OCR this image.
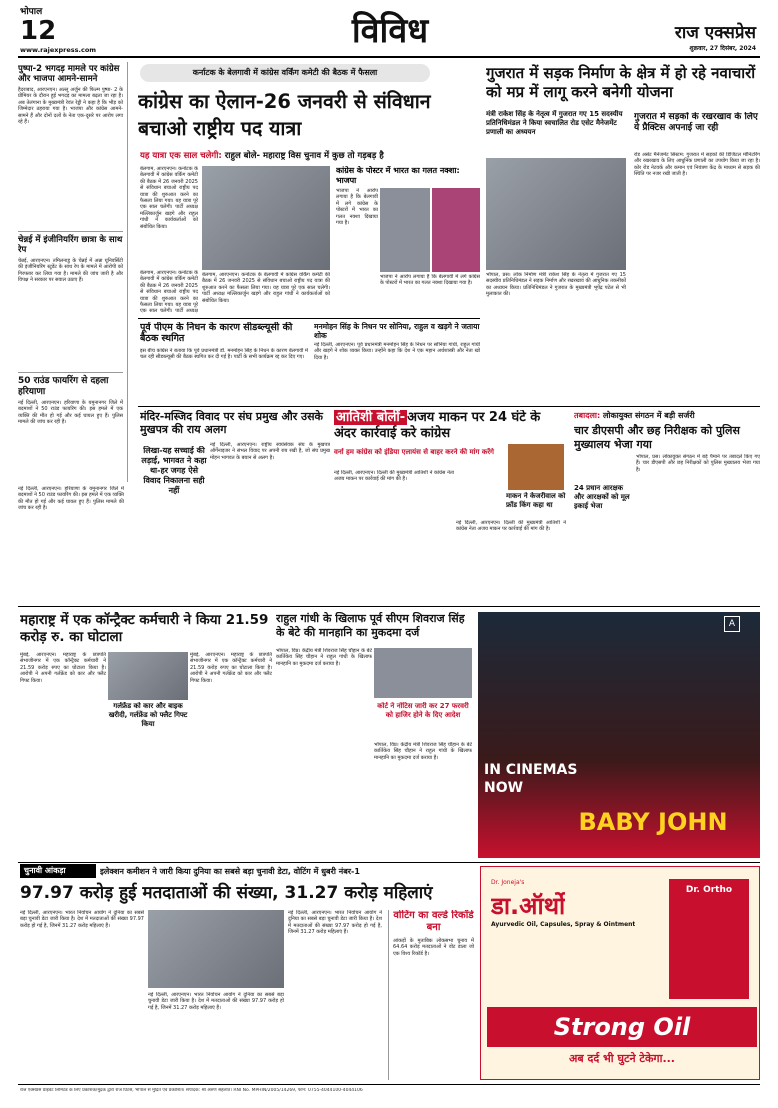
भोपाल
12
www.rajexpress.com	विविध	राज एक्सप्रेस
शुक्रवार, 27 दिसंबर, 2024
पुष्पा-2 भगदड़ मामले पर कांग्रेस और भाजपा आमने-सामने
हैदराबाद, आरएनएन। अल्लू अर्जुन की फिल्म पुष्पा- 2 के प्रीमियर के दौरान हुई भगदड़ का मामला बढ़ता जा रहा है। अब तेलंगाना के मुख्यमंत्री रेवंत रेड्डी ने कहा है कि भीड़ को जिम्मेदार ठहराया गया है। भाजपा और कांग्रेस आमने-सामने हैं और दोनों दलों के नेता एक-दूसरे पर आरोप लगा रहे हैं।
चेन्नई में इंजीनियरिंग छात्रा के साथ रेप
चेन्नई, आरएनएन। तमिलनाडु के चेन्नई में अन्ना यूनिवर्सिटी की इंजीनियरिंग स्टूडेंट के साथ रेप के मामले में आरोपी को गिरफ्तार कर लिया गया है। मामले की जांच जारी है और विपक्ष ने सरकार पर सवाल उठाए हैं।
50 राउंड फायरिंग से दहला हरियाणा
नई दिल्ली, आरएनएन। हरियाणा के यमुनानगर जिले में बदमाशों ने 50 राउंड फायरिंग की। इस हमले में एक व्यक्ति की मौत हो गई और कई घायल हुए हैं। पुलिस मामले की जांच कर रही है।
नई दिल्ली, आरएनएन। हरियाणा के यमुनानगर जिले में बदमाशों ने 50 राउंड फायरिंग की। इस हमले में एक व्यक्ति की मौत हो गई और कई घायल हुए हैं। पुलिस मामले की जांच कर रही है।
कर्नाटक के बेलगावी में कांग्रेस वर्किंग कमेटी की बैठक में फैसला
कांग्रेस का ऐलान-26 जनवरी से संविधान बचाओ राष्ट्रीय पद यात्रा
यह यात्रा एक साल चलेगी: राहुल बोले- महाराष्ट्र विस चुनाव में कुछ तो गड़बड़ है
बेलगाम, आरएनएन। कर्नाटक के बेलगावी में कांग्रेस वर्किंग कमेटी की बैठक में 26 जनवरी 2025 से संविधान बचाओ राष्ट्रीय पद यात्रा की शुरुआत करने का फैसला लिया गया। यह यात्रा पूरे एक साल चलेगी। पार्टी अध्यक्ष मल्लिकार्जुन खड़गे और राहुल गांधी ने कार्यकर्ताओं को संबोधित किया।
बेलगाम, आरएनएन। कर्नाटक के बेलगावी में कांग्रेस वर्किंग कमेटी की बैठक में 26 जनवरी 2025 से संविधान बचाओ राष्ट्रीय पद यात्रा की शुरुआत करने का फैसला लिया गया। यह यात्रा पूरे एक साल चलेगी। पार्टी अध्यक्ष
बेलगाम, आरएनएन। कर्नाटक के बेलगावी में कांग्रेस वर्किंग कमेटी की बैठक में 26 जनवरी 2025 से संविधान बचाओ राष्ट्रीय पद यात्रा की शुरुआत करने का फैसला लिया गया। यह यात्रा पूरे एक साल चलेगी। पार्टी अध्यक्ष मल्लिकार्जुन खड़गे और राहुल गांधी ने कार्यकर्ताओं को संबोधित किया।
कांग्रेस के पोस्टर में भारत का गलत नक्शा: भाजपा
भाजपा ने आरोप लगाया है कि बेलगावी में लगे कांग्रेस के पोस्टरों में भारत का गलत नक्शा दिखाया गया है।
भाजपा ने आरोप लगाया है कि बेलगावी में लगे कांग्रेस के पोस्टरों में भारत का गलत नक्शा दिखाया गया है।
पूर्व पीएम के निधन के कारण सीडब्ल्यूसी की बैठक स्थगित
इस बीच कांग्रेस ने बताया कि पूर्व प्रधानमंत्री डॉ. मनमोहन सिंह के निधन के कारण बेलगावी में चल रही सीडब्ल्यूसी की बैठक स्थगित कर दी गई है। पार्टी के सभी कार्यक्रम रद्द कर दिए गए।
मनमोहन सिंह के निधन पर सोनिया, राहुल व खड़गे ने जताया शोक
नई दिल्ली, आरएनएन। पूर्व प्रधानमंत्री मनमोहन सिंह के निधन पर सोनिया गांधी, राहुल गांधी और खड़गे ने शोक व्यक्त किया। उन्होंने कहा कि देश ने एक महान अर्थशास्त्री और नेता खो दिया है।
गुजरात में सड़क निर्माण के क्षेत्र में हो रहे नवाचारों को मप्र में लागू करने बनेगी योजना
मंत्री राकेश सिंह के नेतृत्व में गुजरात गए 15 सदस्यीय प्रतिनिधिमंडल ने किया स्वचालित रोड एसेट मैनेजमेंट प्रणाली का अध्ययन
भोपाल, प्रस। लोक निर्माण मंत्री राकेश सिंह के नेतृत्व में गुजरात गए 15 सदस्यीय प्रतिनिधिमंडल ने सड़क निर्माण और रखरखाव की आधुनिक तकनीकों का अध्ययन किया। प्रतिनिधिमंडल ने गुजरात के मुख्यमंत्री भूपेंद्र पटेल से भी मुलाकात की।
गुजरात में सड़कों के रखरखाव के लिए ये प्रैक्टिस अपनाई जा रही
रोड असेट मैनेजमेंट सिस्टम: गुजरात में सड़कों की डिजिटल मॉनिटरिंग और रखरखाव के लिए आधुनिक प्रणाली का उपयोग किया जा रहा है। कोर रोड नेटवर्क और कमान एवं नियंत्रण केंद्र के माध्यम से सड़क की स्थिति पर नजर रखी जाती है।
मंदिर-मस्जिद विवाद पर संघ प्रमुख और उसके मुखपत्र की राय अलग
लिखा-यह सच्चाई की लड़ाई, भागवत ने कहा था-हर जगह ऐसे विवाद निकालना सही नहीं
नई दिल्ली, आरएनएन। राष्ट्रीय स्वयंसेवक संघ के मुखपत्र ऑर्गेनाइजर ने संभल विवाद पर अपनी राय रखी है, जो संघ प्रमुख मोहन भागवत के बयान से अलग है।
आतिशी बोलीं- अजय माकन पर 24 घंटे के अंदर कार्रवाई करे कांग्रेस
वर्ना हम कांग्रेस को इंडिया एलायंस से बाहर करने की मांग करेंगे
नई दिल्ली, आरएनएन। दिल्ली की मुख्यमंत्री आतिशी ने कांग्रेस नेता अजय माकन पर कार्रवाई की मांग की है।
माकन ने केजरीवाल को फ्रॉड किंग कहा था
नई दिल्ली, आरएनएन। दिल्ली की मुख्यमंत्री आतिशी ने कांग्रेस नेता अजय माकन पर कार्रवाई की मांग की है।
तबादला: लोकायुक्त संगठन में बड़ी सर्जरी
चार डीएसपी और छह निरीक्षक को पुलिस मुख्यालय भेजा गया
24 प्रधान आरक्षक और आरक्षकों को मूल इकाई भेजा
भोपाल, प्रस। लोकायुक्त संगठन में बड़े पैमाने पर तबादले किए गए हैं। चार डीएसपी और छह निरीक्षकों को पुलिस मुख्यालय भेजा गया है।
महाराष्ट्र में एक कॉन्ट्रैक्ट कर्मचारी ने किया 21.59 करोड़ रु. का घोटाला
मुंबई, आरएनएन। महाराष्ट्र के छत्रपति संभाजीनगर में एक कॉन्ट्रैक्ट कर्मचारी ने 21.59 करोड़ रुपए का घोटाला किया है। आरोपी ने अपनी गर्लफ्रेंड को कार और फ्लैट गिफ्ट किया।
गर्लफ्रेंड को कार और बाइक खरीदी, गर्लफ्रेंड को फ्लैट गिफ्ट किया
मुंबई, आरएनएन। महाराष्ट्र के छत्रपति संभाजीनगर में एक कॉन्ट्रैक्ट कर्मचारी ने 21.59 करोड़ रुपए का घोटाला किया है। आरोपी ने अपनी गर्लफ्रेंड को कार और फ्लैट गिफ्ट किया।
राहुल गांधी के खिलाफ पूर्व सीएम शिवराज सिंह के बेटे की मानहानि का मुकदमा दर्ज
भोपाल, विप्र। केंद्रीय मंत्री शिवराज सिंह चौहान के बेटे कार्तिकेय सिंह चौहान ने राहुल गांधी के खिलाफ मानहानि का मुकदमा दर्ज कराया है।
कोर्ट ने नोटिस जारी कर 27 फरवरी को हाजिर होने के दिए आदेश
भोपाल, विप्र। केंद्रीय मंत्री शिवराज सिंह चौहान के बेटे कार्तिकेय सिंह चौहान ने राहुल गांधी के खिलाफ मानहानि का मुकदमा दर्ज कराया है।
IN CINEMAS
NOW
BABY JOHN
A
चुनावी आंकड़ा	इलेक्शन कमीशन ने जारी किया दुनिया का सबसे बड़ा चुनावी डेटा, वोटिंग में धुबरी नंबर-1
97.97 करोड़ हुई मतदाताओं की संख्या, 31.27 करोड़ महिलाएं
नई दिल्ली, आरएनएन। भारत निर्वाचन आयोग ने दुनिया का सबसे बड़ा चुनावी डेटा जारी किया है। देश में मतदाताओं की संख्या 97.97 करोड़ हो गई है, जिनमें 31.27 करोड़ महिलाएं हैं।
नई दिल्ली, आरएनएन। भारत निर्वाचन आयोग ने दुनिया का सबसे बड़ा चुनावी डेटा जारी किया है। देश में मतदाताओं की संख्या 97.97 करोड़ हो गई है, जिनमें 31.27 करोड़ महिलाएं हैं।
नई दिल्ली, आरएनएन। भारत निर्वाचन आयोग ने दुनिया का सबसे बड़ा चुनावी डेटा जारी किया है। देश में मतदाताओं की संख्या 97.97 करोड़ हो गई है, जिनमें 31.27 करोड़ महिलाएं हैं।
वोटिंग का वर्ल्ड रिकॉर्ड बना
आंकड़ों के मुताबिक लोकसभा चुनाव में 64.64 करोड़ मतदाताओं ने वोट डाला जो एक विश्व रिकॉर्ड है।
Dr. Joneja's
डा.ऑर्थो
Ayurvedic Oil, Capsules, Spray & Ointment
Dr. Ortho
Strong Oil
अब दर्द भी घुटने टेकेगा...
राज एक्सप्रेस प्राइवेट लिमिटेड के लिए प्रकाशक/मुद्रक द्वारा राज प्रिंटर्स, भोपाल से मुद्रित एवं प्रकाशित। संपादक: श्री अरुण सहलोत। RNI No. MPHIN/2005/14269, फोन: 0755-4044100-4044106
